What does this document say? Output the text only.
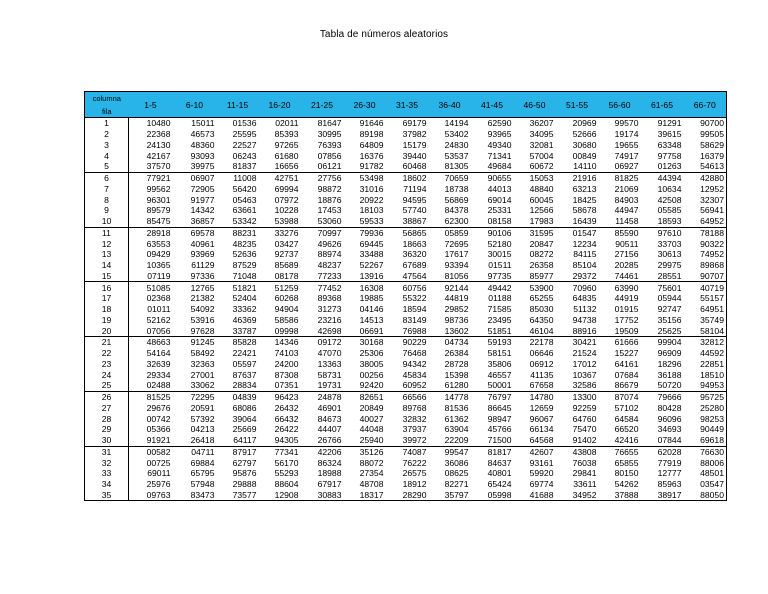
Tabla de números aleatorios
columna	1-5	6-10	11-15	16-20	21-25	26-30	31-35	36-40	41-45	46-50	51-55	56-60	61-65	66-70
fila														
1	10480	15011	01536	02011	81647	91646	69179	14194	62590	36207	20969	99570	91291	90700
2	22368	46573	25595	85393	30995	89198	37982	53402	93965	34095	52666	19174	39615	99505
3	24130	48360	22527	97265	76393	64809	15179	24830	49340	32081	30680	19655	63348	58629
4	42167	93093	06243	61680	07856	16376	39440	53537	71341	57004	00849	74917	97758	16379
5	37570	39975	81837	16656	06121	91782	60468	81305	49684	60672	14110	06927	01263	54613
6	77921	06907	11008	42751	27756	53498	18602	70659	90655	15053	21916	81825	44394	42880
7	99562	72905	56420	69994	98872	31016	71194	18738	44013	48840	63213	21069	10634	12952
8	96301	91977	05463	07972	18876	20922	94595	56869	69014	60045	18425	84903	42508	32307
9	89579	14342	63661	10228	17453	18103	57740	84378	25331	12566	58678	44947	05585	56941
10	85475	36857	53342	53988	53060	59533	38867	62300	08158	17983	16439	11458	18593	64952
11	28918	69578	88231	33276	70997	79936	56865	05859	90106	31595	01547	85590	97610	78188
12	63553	40961	48235	03427	49626	69445	18663	72695	52180	20847	12234	90511	33703	90322
13	09429	93969	52636	92737	88974	33488	36320	17617	30015	08272	84115	27156	30613	74952
14	10365	61129	87529	85689	48237	52267	67689	93394	01511	26358	85104	20285	29975	89868
15	07119	97336	71048	08178	77233	13916	47564	81056	97735	85977	29372	74461	28551	90707
16	51085	12765	51821	51259	77452	16308	60756	92144	49442	53900	70960	63990	75601	40719
17	02368	21382	52404	60268	89368	19885	55322	44819	01188	65255	64835	44919	05944	55157
18	01011	54092	33362	94904	31273	04146	18594	29852	71585	85030	51132	01915	92747	64951
19	52162	53916	46369	58586	23216	14513	83149	98736	23495	64350	94738	17752	35156	35749
20	07056	97628	33787	09998	42698	06691	76988	13602	51851	46104	88916	19509	25625	58104
21	48663	91245	85828	14346	09172	30168	90229	04734	59193	22178	30421	61666	99904	32812
22	54164	58492	22421	74103	47070	25306	76468	26384	58151	06646	21524	15227	96909	44592
23	32639	32363	05597	24200	13363	38005	94342	28728	35806	06912	17012	64161	18296	22851
24	29334	27001	87637	87308	58731	00256	45834	15398	46557	41135	10367	07684	36188	18510
25	02488	33062	28834	07351	19731	92420	60952	61280	50001	67658	32586	86679	50720	94953
26	81525	72295	04839	96423	24878	82651	66566	14778	76797	14780	13300	87074	79666	95725
27	29676	20591	68086	26432	46901	20849	89768	81536	86645	12659	92259	57102	80428	25280
28	00742	57392	39064	66432	84673	40027	32832	61362	98947	96067	64760	64584	96096	98253
29	05366	04213	25669	26422	44407	44048	37937	63904	45766	66134	75470	66520	34693	90449
30	91921	26418	64117	94305	26766	25940	39972	22209	71500	64568	91402	42416	07844	69618
31	00582	04711	87917	77341	42206	35126	74087	99547	81817	42607	43808	76655	62028	76630
32	00725	69884	62797	56170	86324	88072	76222	36086	84637	93161	76038	65855	77919	88006
33	69011	65795	95876	55293	18988	27354	26575	08625	40801	59920	29841	80150	12777	48501
34	25976	57948	29888	88604	67917	48708	18912	82271	65424	69774	33611	54262	85963	03547
35	09763	83473	73577	12908	30883	18317	28290	35797	05998	41688	34952	37888	38917	88050
